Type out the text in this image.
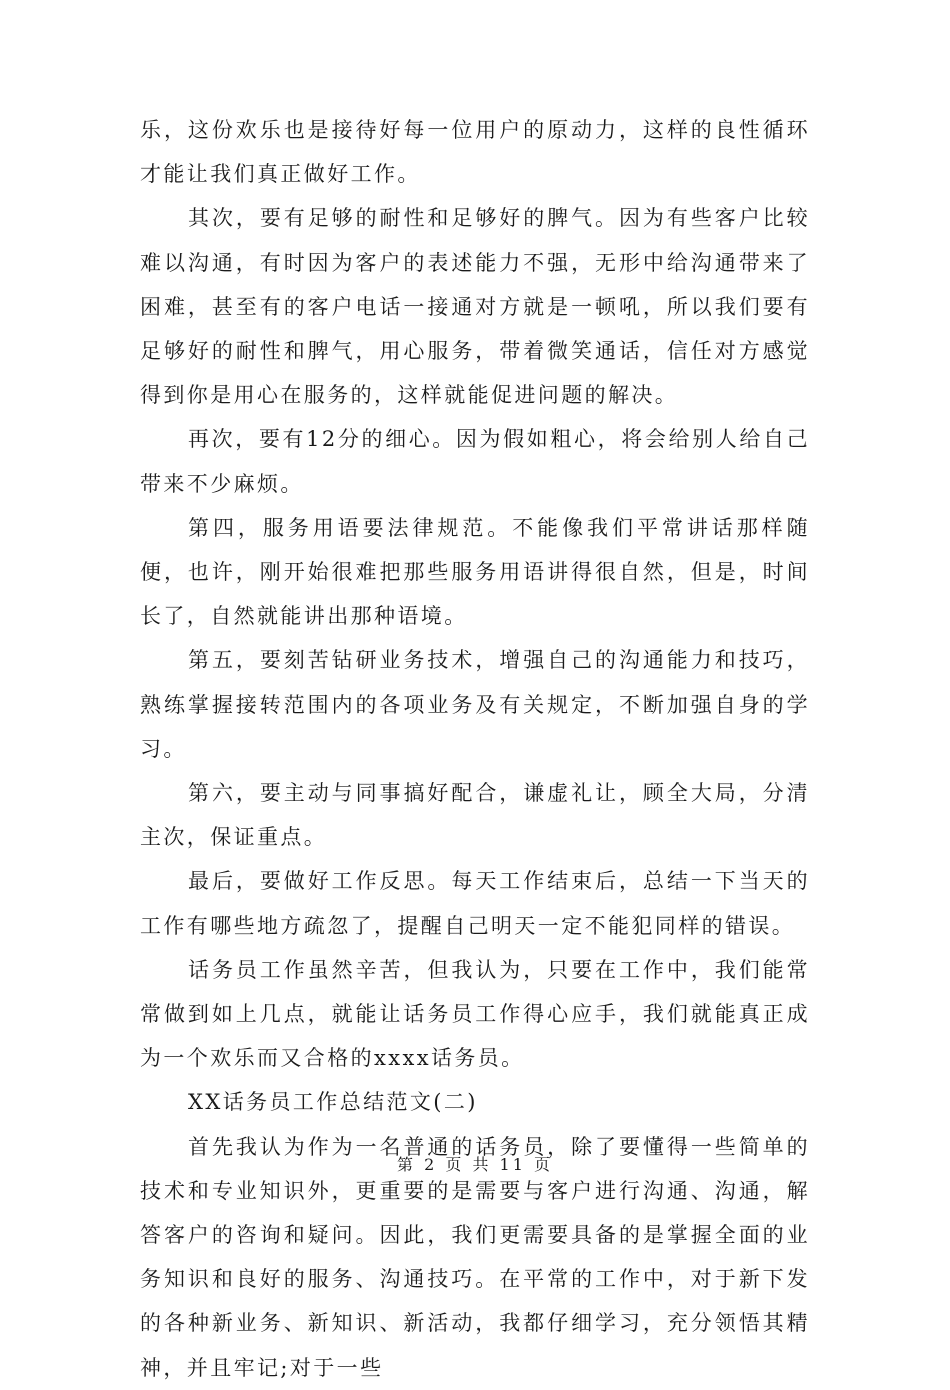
乐，这份欢乐也是接待好每一位用户的原动力，这样的良性循环才能让我们真正做好工作。

其次，要有足够的耐性和足够好的脾气。因为有些客户比较难以沟通，有时因为客户的表述能力不强，无形中给沟通带来了困难，甚至有的客户电话一接通对方就是一顿吼，所以我们要有足够好的耐性和脾气，用心服务，带着微笑通话，信任对方感觉得到你是用心在服务的，这样就能促进问题的解决。

再次，要有12分的细心。因为假如粗心，将会给别人给自己带来不少麻烦。

第四，服务用语要法律规范。不能像我们平常讲话那样随便，也许，刚开始很难把那些服务用语讲得很自然，但是，时间长了，自然就能讲出那种语境。

第五，要刻苦钻研业务技术，增强自己的沟通能力和技巧，熟练掌握接转范围内的各项业务及有关规定，不断加强自身的学习。

第六，要主动与同事搞好配合，谦虚礼让，顾全大局，分清主次，保证重点。

最后，要做好工作反思。每天工作结束后，总结一下当天的工作有哪些地方疏忽了，提醒自己明天一定不能犯同样的错误。

话务员工作虽然辛苦，但我认为，只要在工作中，我们能常常做到如上几点，就能让话务员工作得心应手，我们就能真正成为一个欢乐而又合格的xxxx话务员。

XX话务员工作总结范文(二)

首先我认为作为一名普通的话务员，除了要懂得一些简单的技术和专业知识外，更重要的是需要与客户进行沟通、沟通，解答客户的咨询和疑问。因此，我们更需要具备的是掌握全面的业务知识和良好的服务、沟通技巧。在平常的工作中，对于新下发的各种新业务、新知识、新活动，我都仔细学习，充分领悟其精神，并且牢记;对于一些

第 2 页 共 11 页
